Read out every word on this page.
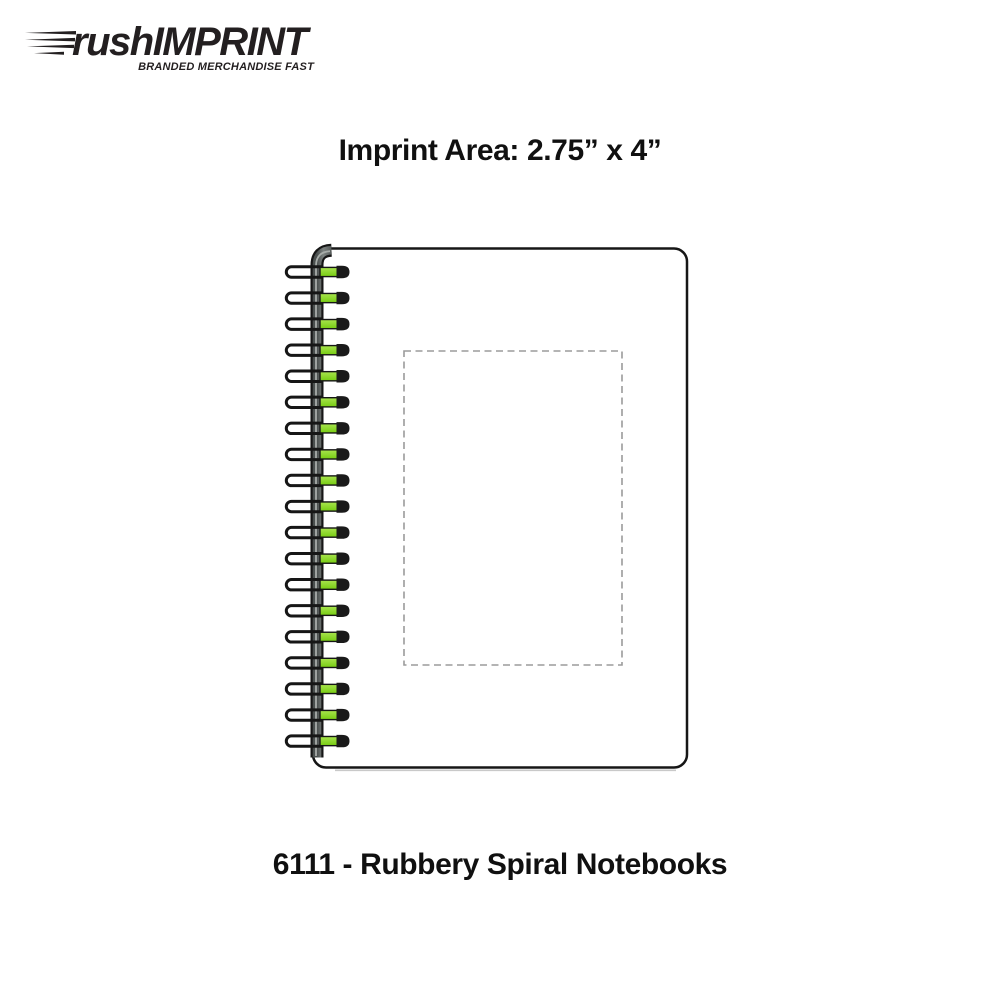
rushIMPRINT
BRANDED MERCHANDISE FAST
Imprint Area: 2.75” x 4”
6111 - Rubbery Spiral Notebooks
